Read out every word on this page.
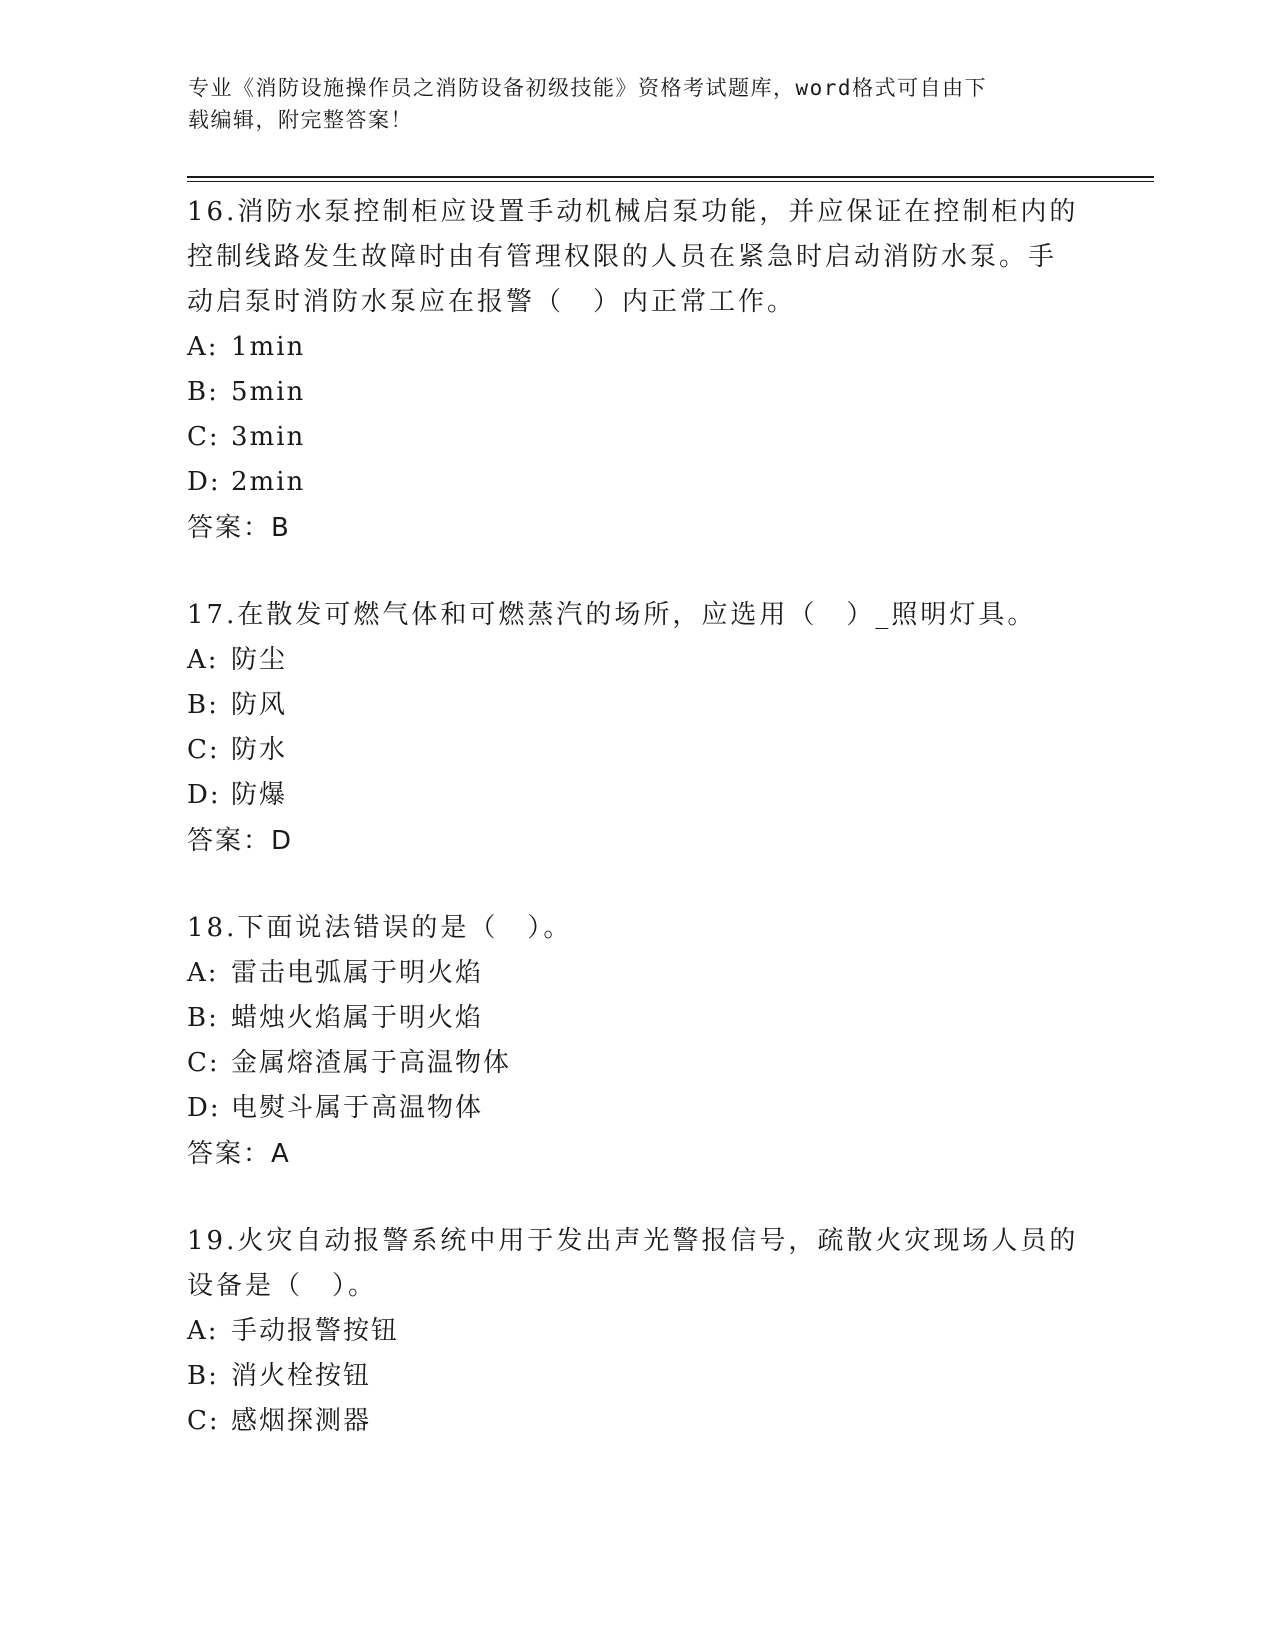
专业《消防设施操作员之消防设备初级技能》资格考试题库，word格式可自由下
载编辑，附完整答案！

16.消防水泵控制柜应设置手动机械启泵功能，并应保证在控制柜内的

控制线路发生故障时由有管理权限的人员在紧急时启动消防水泵。手

动启泵时消防水泵应在报警（　）内正常工作。

A: 1min

B: 5min

C: 3min

D: 2min

答案：B

17.在散发可燃气体和可燃蒸汽的场所，应选用（　）_照明灯具。

A: 防尘

B: 防风

C: 防水

D: 防爆

答案：D

18.下面说法错误的是（　）。

A: 雷击电弧属于明火焰

B: 蜡烛火焰属于明火焰

C: 金属熔渣属于高温物体

D: 电熨斗属于高温物体

答案：A

19.火灾自动报警系统中用于发出声光警报信号，疏散火灾现场人员的

设备是（　）。

A: 手动报警按钮

B: 消火栓按钮

C: 感烟探测器
